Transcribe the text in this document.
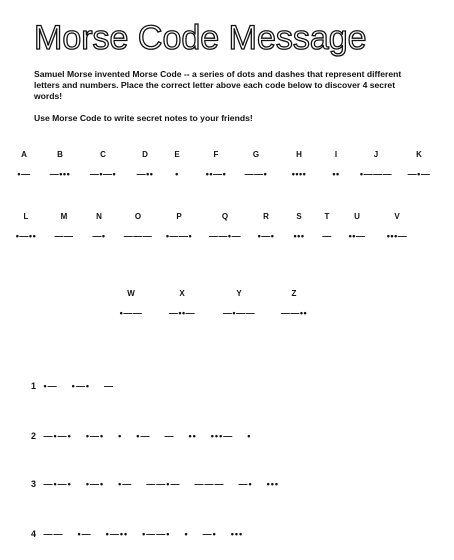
Morse Code Message

Samuel Morse invented Morse Code -- a series of dots and dashes that represent different letters and numbers. Place the correct letter above each code below to discover 4 secret words!

Use Morse Code to write secret notes to your friends!

A
•—
B
—•••
C
—•—•
D
—••
E
•
F
••—•
G
——•
H
••••
I
••
J
•———
K
—•—
L
•—••
M
——
N
—•
O
———
P
•——•
Q
——•—
R
•—•
S
•••
T
—
U
••—
V
•••—
W
•——
X
—••—
Y
—•——
Z
——••
1 •— •—• —
2 —•—• •—• • •— — •• •••— •
3 —•—• •—• •— ——•— ——— —• •••
4 —— •— •—•• •——• • —• •••
